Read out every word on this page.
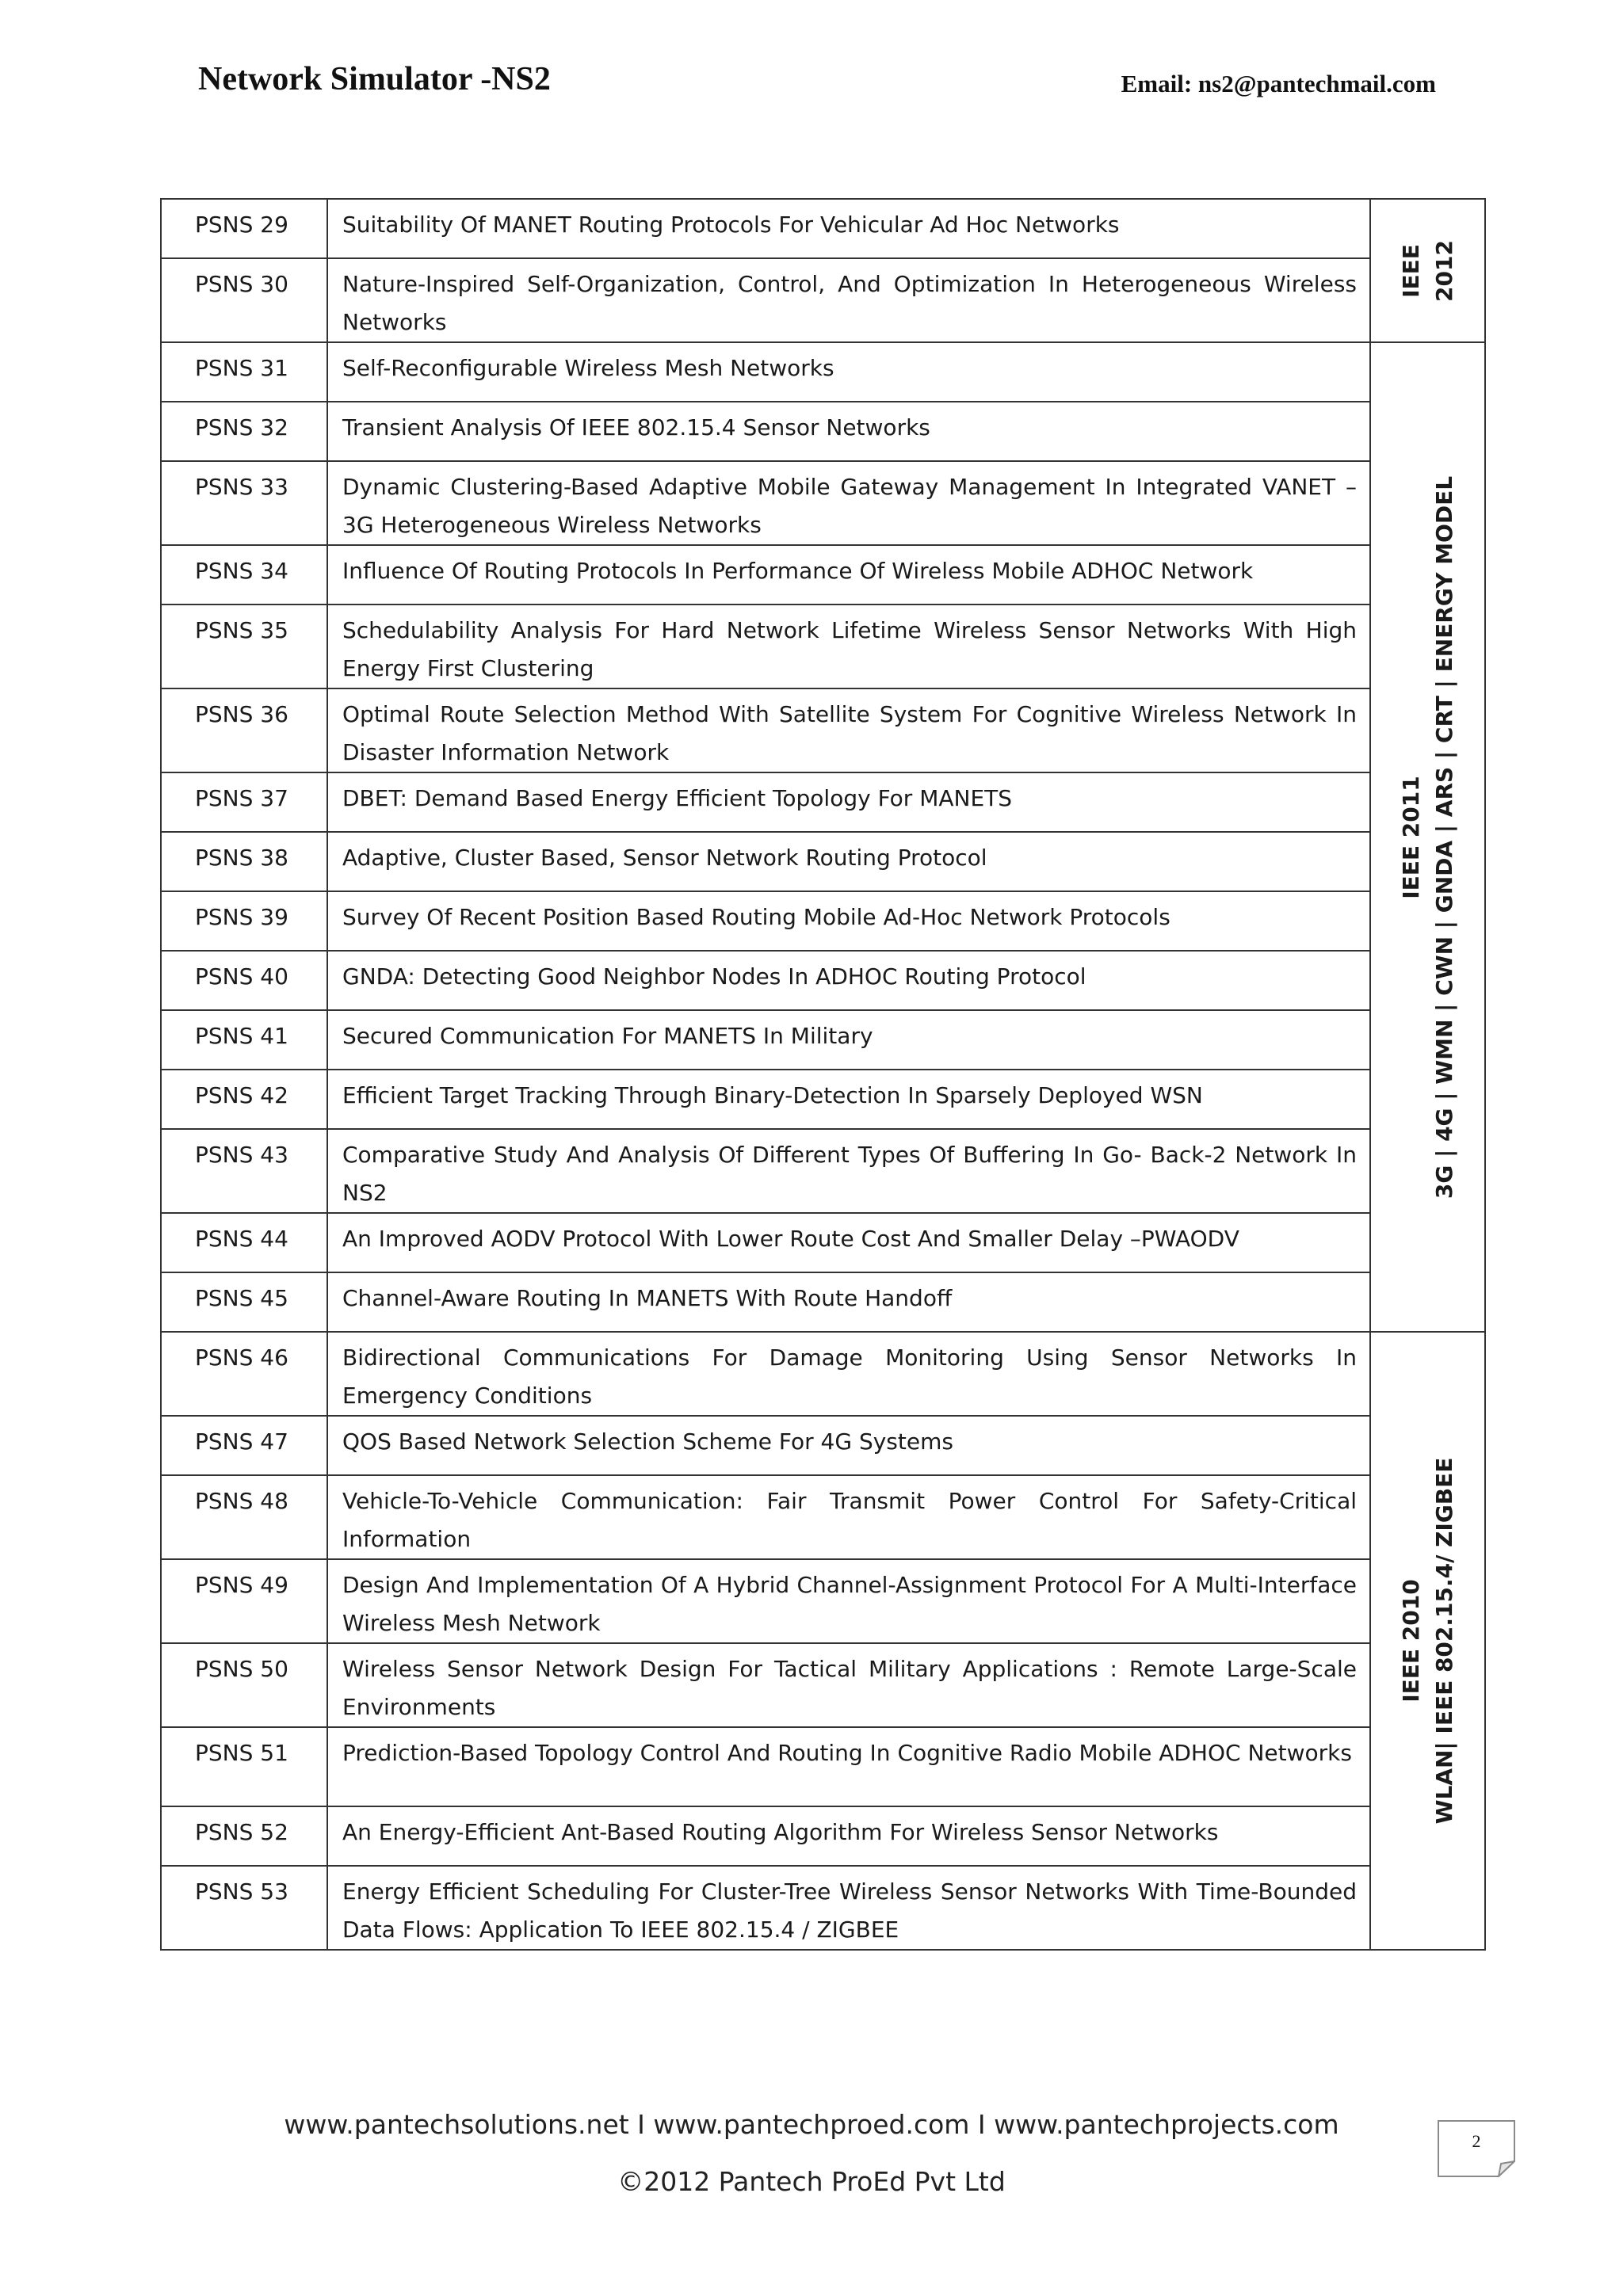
Network Simulator -NS2	Email: ns2@pantechmail.com
PSNS 29	Suitability Of MANET Routing Protocols For Vehicular Ad Hoc Networks	IEEE 2012

PSNS 30	Nature-Inspired Self-Organization, Control, And Optimization In Heterogeneous Wireless Networks	
PSNS 31	Self-Reconfigurable Wireless Mesh Networks	IEEE 2011 3G | 4G | WMN | CWN | GNDA | ARS | CRT | ENERGY MODEL

PSNS 32	Transient Analysis Of IEEE 802.15.4 Sensor Networks	
PSNS 33	Dynamic Clustering-Based Adaptive Mobile Gateway Management In Integrated VANET – 3G Heterogeneous Wireless Networks	
PSNS 34	Influence Of Routing Protocols In Performance Of Wireless Mobile ADHOC Network	
PSNS 35	Schedulability Analysis For Hard Network Lifetime Wireless Sensor Networks With High Energy First Clustering	
PSNS 36	Optimal Route Selection Method With Satellite System For Cognitive Wireless Network In Disaster Information Network	
PSNS 37	DBET: Demand Based Energy Efficient Topology For MANETS	
PSNS 38	Adaptive, Cluster Based, Sensor Network Routing Protocol	
PSNS 39	Survey Of Recent Position Based Routing Mobile Ad-Hoc Network Protocols	
PSNS 40	GNDA: Detecting Good Neighbor Nodes In ADHOC Routing Protocol	
PSNS 41	Secured Communication For MANETS In Military	
PSNS 42	Efficient Target Tracking Through Binary-Detection In Sparsely Deployed WSN	
PSNS 43	Comparative Study And Analysis Of Different Types Of Buffering In Go- Back-2 Network In NS2	
PSNS 44	An Improved AODV Protocol With Lower Route Cost And Smaller Delay –PWAODV	
PSNS 45	Channel-Aware Routing In MANETS With Route Handoff	
PSNS 46	Bidirectional Communications For Damage Monitoring Using Sensor Networks In Emergency Conditions	IEEE 2010 WLAN| IEEE 802.15.4/ ZIGBEE

PSNS 47	QOS Based Network Selection Scheme For 4G Systems	
PSNS 48	Vehicle-To-Vehicle Communication: Fair Transmit Power Control For Safety-Critical Information	
PSNS 49	Design And Implementation Of A Hybrid Channel-Assignment Protocol For A Multi-Interface Wireless Mesh Network	
PSNS 50	Wireless Sensor Network Design For Tactical Military Applications : Remote Large-Scale Environments	
PSNS 51	Prediction-Based Topology Control And Routing In Cognitive Radio Mobile ADHOC Networks	
PSNS 52	An Energy-Efficient Ant-Based Routing Algorithm For Wireless Sensor Networks	
PSNS 53	Energy Efficient Scheduling For Cluster-Tree Wireless Sensor Networks With Time-Bounded Data Flows: Application To IEEE 802.15.4 / ZIGBEE	
www.pantechsolutions.net I www.pantechproed.com I www.pantechprojects.com
©2012 Pantech ProEd Pvt Ltd
2
